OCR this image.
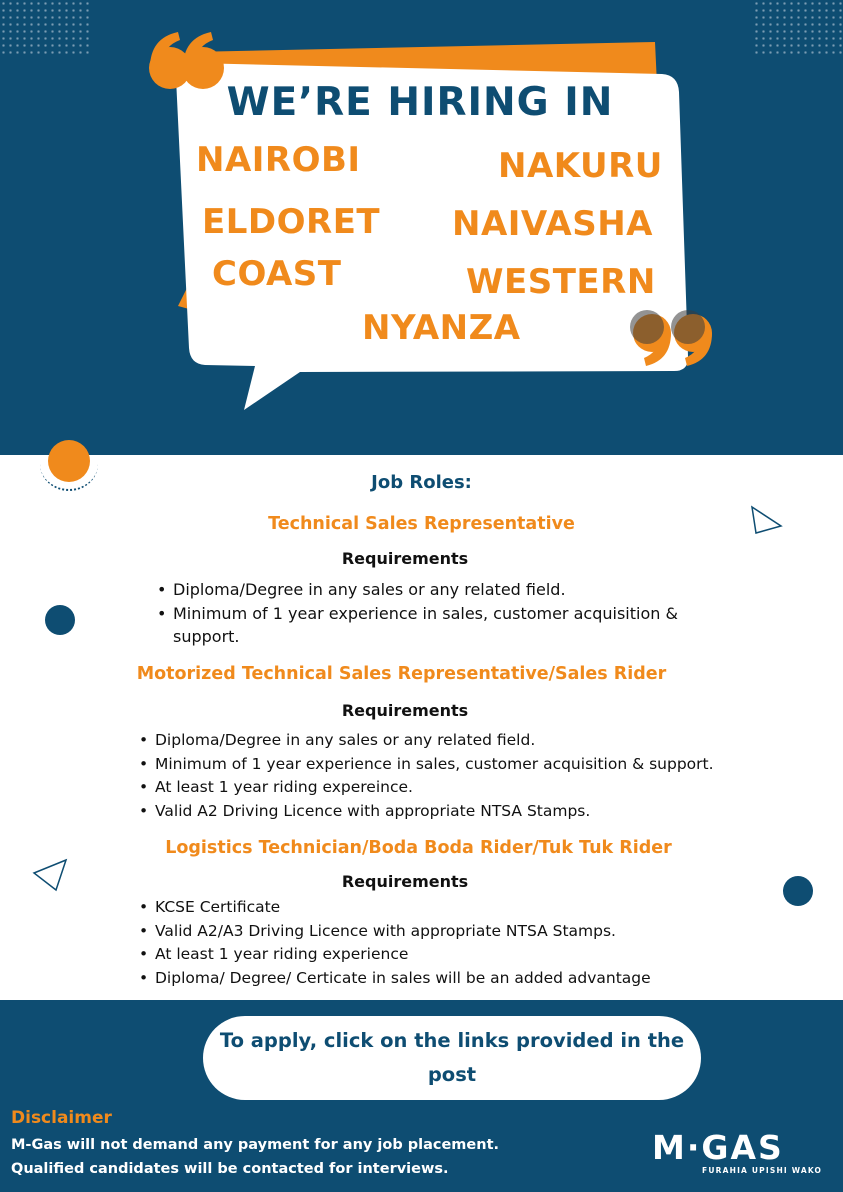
WE’RE HIRING IN
NAIROBI	NAKURU
ELDORET NAIVASHA
COAST	WESTERN
NYANZA
Job Roles:
Technical Sales Representative
Requirements
• Diploma/Degree in any sales or any related field.
• Minimum of 1 year experience in sales, customer acquisition &
support.
Motorized Technical Sales Representative/Sales Rider
Requirements
• Diploma/Degree in any sales or any related field.
• Minimum of 1 year experience in sales, customer acquisition & support.
• At least 1 year riding expereince.
• Valid A2 Driving Licence with appropriate NTSA Stamps.
Logistics Technician/Boda Boda Rider/Tuk Tuk Rider
Requirements
• KCSE Certificate
• Valid A2/A3 Driving Licence with appropriate NTSA Stamps.
• At least 1 year riding experience
• Diploma/ Degree/ Certicate in sales will be an added advantage
To apply, click on the links provided in the post
Disclaimer
M-Gas will not demand any payment for any job placement.
Qualified candidates will be contacted for interviews.
M·GAS
FURAHIA UPISHI WAKO
